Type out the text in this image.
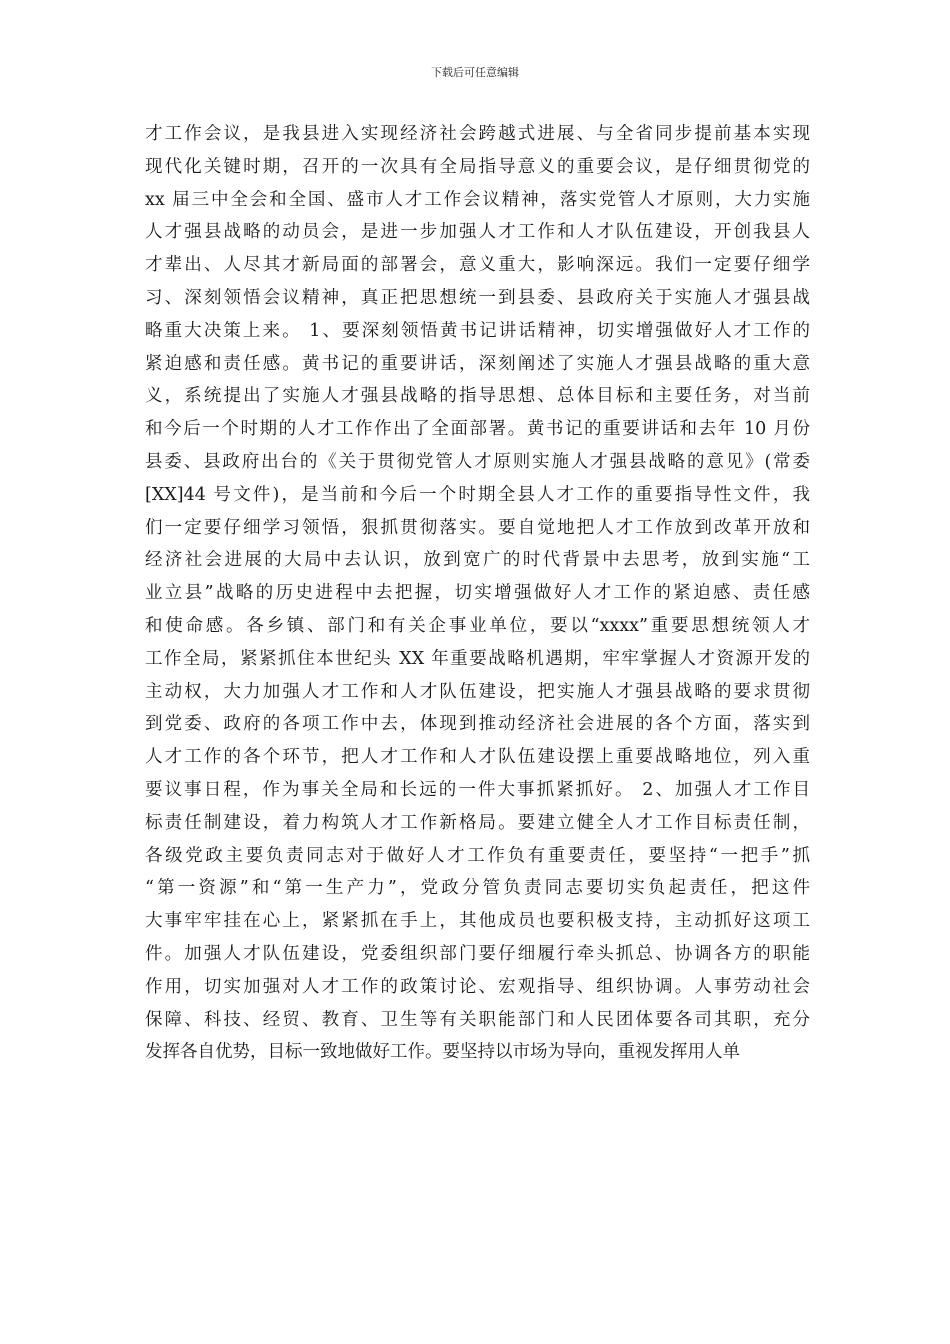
下载后可任意编辑
才工作会议，是我县进入实现经济社会跨越式进展、与全省同步提前基本实现
现代化关键时期，召开的一次具有全局指导意义的重要会议，是仔细贯彻党的
xx 届三中全会和全国、盛市人才工作会议精神，落实党管人才原则，大力实施
人才强县战略的动员会，是进一步加强人才工作和人才队伍建设，开创我县人
才辈出、人尽其才新局面的部署会，意义重大，影响深远。我们一定要仔细学
习、深刻领悟会议精神，真正把思想统一到县委、县政府关于实施人才强县战
略重大决策上来。 1、要深刻领悟黄书记讲话精神，切实增强做好人才工作的
紧迫感和责任感。黄书记的重要讲话，深刻阐述了实施人才强县战略的重大意
义，系统提出了实施人才强县战略的指导思想、总体目标和主要任务，对当前
和今后一个时期的人才工作作出了全面部署。黄书记的重要讲话和去年 10 月份
县委、县政府出台的《关于贯彻党管人才原则实施人才强县战略的意见》(常委
[XX]44 号文件)，是当前和今后一个时期全县人才工作的重要指导性文件，我
们一定要仔细学习领悟，狠抓贯彻落实。要自觉地把人才工作放到改革开放和
经济社会进展的大局中去认识，放到宽广的时代背景中去思考，放到实施“工
业立县”战略的历史进程中去把握，切实增强做好人才工作的紧迫感、责任感
和使命感。各乡镇、部门和有关企事业单位，要以“xxxx”重要思想统领人才
工作全局，紧紧抓住本世纪头 XX 年重要战略机遇期，牢牢掌握人才资源开发的
主动权，大力加强人才工作和人才队伍建设，把实施人才强县战略的要求贯彻
到党委、政府的各项工作中去，体现到推动经济社会进展的各个方面，落实到
人才工作的各个环节，把人才工作和人才队伍建设摆上重要战略地位，列入重
要议事日程，作为事关全局和长远的一件大事抓紧抓好。 2、加强人才工作目
标责任制建设，着力构筑人才工作新格局。要建立健全人才工作目标责任制，
各级党政主要负责同志对于做好人才工作负有重要责任，要坚持“一把手”抓
“第一资源”和“第一生产力”，党政分管负责同志要切实负起责任，把这件
大事牢牢挂在心上，紧紧抓在手上，其他成员也要积极支持，主动抓好这项工
件。加强人才队伍建设，党委组织部门要仔细履行牵头抓总、协调各方的职能
作用，切实加强对人才工作的政策讨论、宏观指导、组织协调。人事劳动社会
保障、科技、经贸、教育、卫生等有关职能部门和人民团体要各司其职，充分
发挥各自优势，目标一致地做好工作。要坚持以市场为导向，重视发挥用人单
